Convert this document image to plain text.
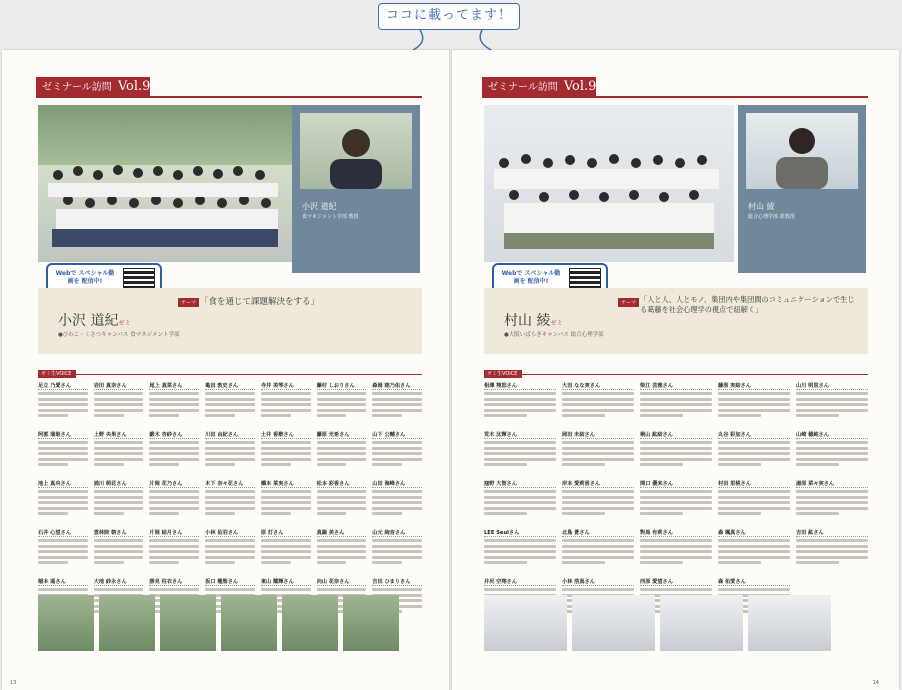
ココに載ってます！
ゼミナール訪問 Vol.97
小沢 道紀
食マネジメント学部 教授
Webで スペシャル動画を 配信中!
小沢 道紀ゼミ
●びわこ・くさつキャンパス 食マネジメント学部
テーマ 「食を通じて課題解決をする」
ゼミ生VOICE
足立 乃愛さん	岩田 真奈さん	尾上 真菜さん	亀田 敦史さん	寺井 美琴さん	藤村 しおりさん	森岡 睦乃佑さん
阿部 瑞姫さん	上野 央果さん	鍛木 杏紗さん	川田 由紀さん	土井 香歌さん	藤原 光希さん	山下 公輔さん
池上 真央さん	浦川 萌花さん	片岡 花乃さん	木下 奈々花さん	橋本 菜実さん	松本 彩香さん	山田 海峰さん
石井 心望さん	雲林院 朝さん	片岡 結月さん	小林 佑羽さん	原 灯さん	真鍋 美さん	山元 絢音さん
稲本 遥さん	大地 紗永さん	勝見 柱衣さん	坂口 龍聖さん	東山 耀輝さん	向山 花奈さん	吉田 ひまりさん
13
ゼミナール訪問 Vol.98
村山 綾
総合心理学部 准教授
Webで スペシャル動画を 配信中!
村山 綾ゼミ
●大阪いばらきキャンパス 総合心理学部
テーマ 「人と人、人とモノ、集団内や集団間のコミュニケーションで生じる葛藤を社会心理学の視点で紐解く」
ゼミ生VOICE
相澤 翔怒さん	大田 なな実さん	柴江 芸雅さん	藤原 実結さん	山川 明里さん
荒木 汰輝さん	岡田 未結さん	桐山 紘結さん	丸谷 彩加さん	山崎 穂純さん
窪野 大智さん	岸本 愛莉香さん	関口 優来さん	村田 里桃さん	湯原 菜々実さん
LEE Seulさん	北島 蒼さん	對馬 有莉さん	森 颯真さん	吉田 紘さん
井尻 空翔さん	小林 浩真さん	西原 愛望さん	森 佑愛さん
14
